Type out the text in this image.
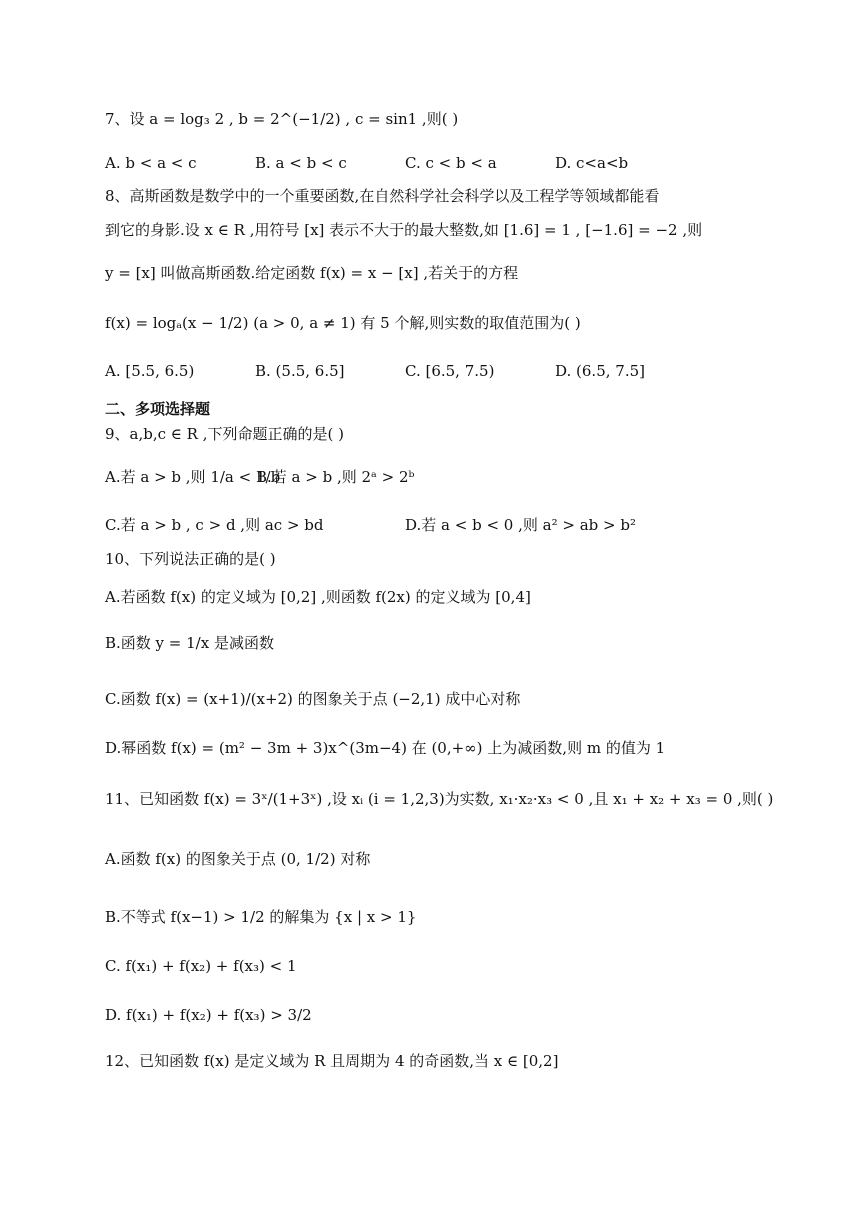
7、设 a = log₃ 2 , b = 2^(−1/2) , c = sin1 ,则( )
A. b < a < c	B. a < b < c	C. c < b < a	D. c<a<b
8、高斯函数是数学中的一个重要函数,在自然科学社会科学以及工程学等领域都能看
到它的身影.设 x ∈ R ,用符号 [x] 表示不大于的最大整数,如 [1.6] = 1 , [−1.6] = −2 ,则
y = [x] 叫做高斯函数.给定函数 f(x) = x − [x] ,若关于的方程
f(x) = logₐ(x − 1/2) (a > 0, a ≠ 1) 有 5 个解,则实数的取值范围为( )
A. [5.5, 6.5)	B. (5.5, 6.5]	C. [6.5, 7.5)	D. (6.5, 7.5]
二、多项选择题
9、a,b,c ∈ R ,下列命题正确的是( )
A.若 a > b ,则 1/a < 1/b
B.若 a > b ,则 2ᵃ > 2ᵇ
C.若 a > b , c > d ,则 ac > bd	D.若 a < b < 0 ,则 a² > ab > b²
10、下列说法正确的是( )
A.若函数 f(x) 的定义域为 [0,2] ,则函数 f(2x) 的定义域为 [0,4]
B.函数 y = 1/x 是减函数
C.函数 f(x) = (x+1)/(x+2) 的图象关于点 (−2,1) 成中心对称
D.幂函数 f(x) = (m² − 3m + 3)x^(3m−4) 在 (0,+∞) 上为减函数,则 m 的值为 1
11、已知函数 f(x) = 3ˣ/(1+3ˣ) ,设 xᵢ (i = 1,2,3)为实数, x₁·x₂·x₃ < 0 ,且 x₁ + x₂ + x₃ = 0 ,则( )
A.函数 f(x) 的图象关于点 (0, 1/2) 对称
B.不等式 f(x−1) > 1/2 的解集为 {x | x > 1}
C. f(x₁) + f(x₂) + f(x₃) < 1
D. f(x₁) + f(x₂) + f(x₃) > 3/2
12、已知函数 f(x) 是定义域为 R 且周期为 4 的奇函数,当 x ∈ [0,2]
